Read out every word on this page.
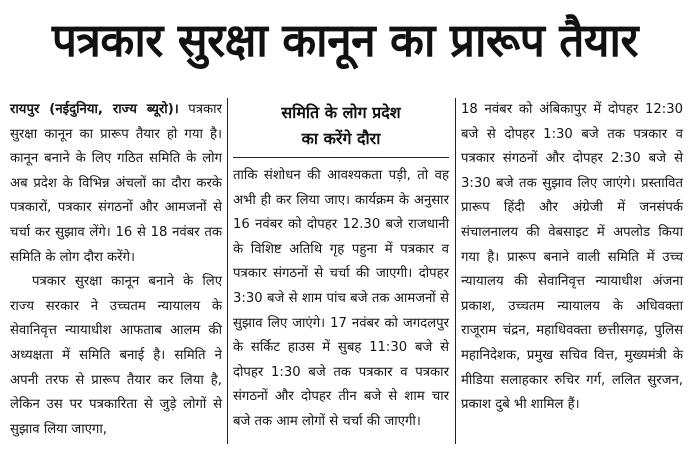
पत्रकार सुरक्षा कानून का प्रारूप तैयार

रायपुर (नईदुनिया, राज्य ब्यूरो)। पत्रकार सुरक्षा कानून का प्रारूप तैयार हो गया है। कानून बनाने के लिए गठित समिति के लोग अब प्रदेश के विभिन्न अंचलों का दौरा करके पत्रकारों, पत्रकार संगठनों और आमजनों से चर्चा कर सुझाव लेंगे। 16 से 18 नवंबर तक समिति के लोग दौरा करेंगे।

पत्रकार सुरक्षा कानून बनाने के लिए राज्य सरकार ने उच्चतम न्यायालय के सेवानिवृत्त न्यायाधीश आफताब आलम की अध्यक्षता में समिति बनाई है। समिति ने अपनी तरफ से प्रारूप तैयार कर लिया है, लेकिन उस पर पत्रकारिता से जुड़े लोगों से सुझाव लिया जाएगा,

समिति के लोग प्रदेश
का करेंगे दौरा

ताकि संशोधन की आवश्यकता पड़ी, तो वह अभी ही कर लिया जाए। कार्यक्रम के अनुसार 16 नवंबर को दोपहर 12.30 बजे राजधानी के विशिष्ट अतिथि गृह पहुना में पत्रकार व पत्रकार संगठनों से चर्चा की जाएगी। दोपहर 3:30 बजे से शाम पांच बजे तक आमजनों से सुझाव लिए जाएंगे। 17 नवंबर को जगदलपुर के सर्किट हाउस में सुबह 11:30 बजे से दोपहर 1:30 बजे तक पत्रकार व पत्रकार संगठनों और दोपहर तीन बजे से शाम चार बजे तक आम लोगों से चर्चा की जाएगी।

18 नवंबर को अंबिकापुर में दोपहर 12:30 बजे से दोपहर 1:30 बजे तक पत्रकार व पत्रकार संगठनों और दोपहर 2:30 बजे से 3:30 बजे तक सुझाव लिए जाएंगे। प्रस्तावित प्रारूप हिंदी और अंग्रेजी में जनसंपर्क संचालनालय की वेबसाइट में अपलोड किया गया है। प्रारूप बनाने वाली समिति में उच्च न्यायालय की सेवानिवृत्त न्यायाधीश अंजना प्रकाश, उच्चतम न्यायालय के अधिवक्ता राजूराम चंद्रन, महाधिवक्ता छत्तीसगढ़, पुलिस महानिदेशक, प्रमुख सचिव वित्त, मुख्यमंत्री के मीडिया सलाहकार रुचिर गर्ग, ललित सुरजन, प्रकाश दुबे भी शामिल हैं।
